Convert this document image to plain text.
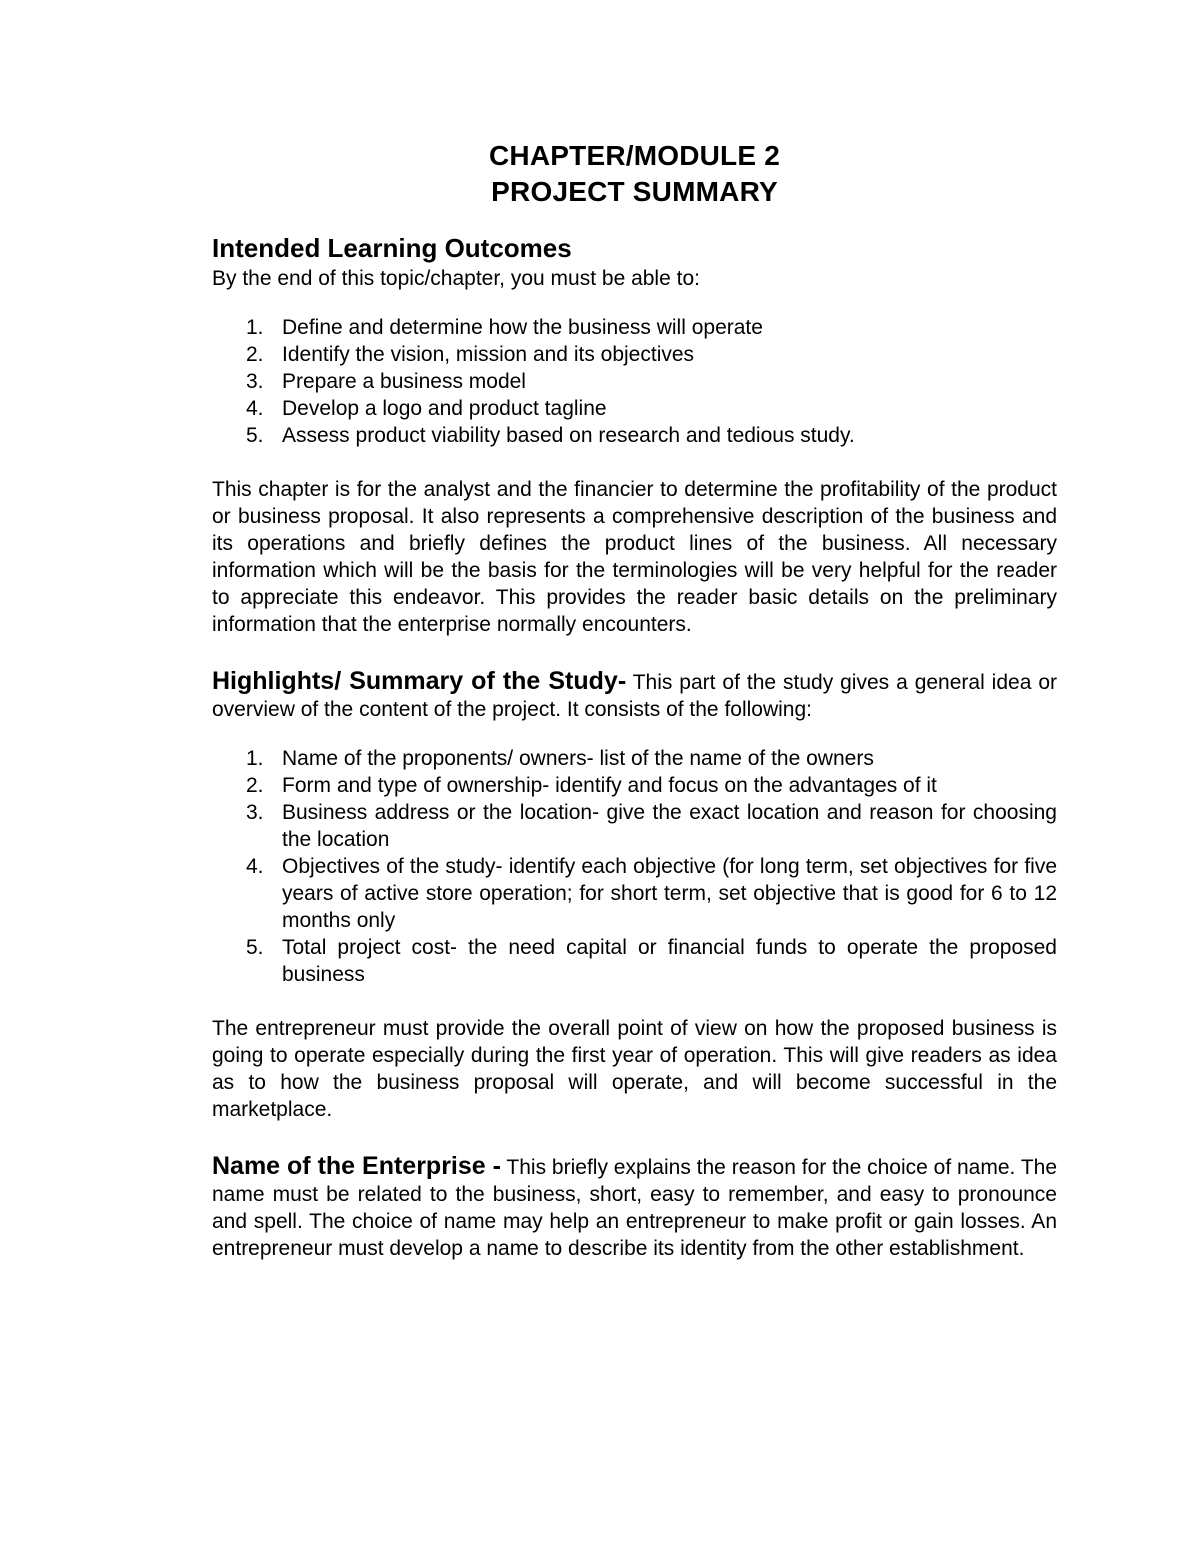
CHAPTER/MODULE 2
PROJECT SUMMARY
Intended Learning Outcomes
By the end of this topic/chapter, you must be able to:
1. Define and determine how the business will operate
2. Identify the vision, mission and its objectives
3. Prepare a business model
4. Develop a logo and product tagline
5. Assess product viability based on research and tedious study.

This chapter is for the analyst and the financier to determine the profitability of the product or business proposal. It also represents a comprehensive description of the business and its operations and briefly defines the product lines of the business. All necessary information which will be the basis for the terminologies will be very helpful for the reader to appreciate this endeavor. This provides the reader basic details on the preliminary information that the enterprise normally encounters.

Highlights/ Summary of the Study- This part of the study gives a general idea or overview of the content of the project. It consists of the following:

1. Name of the proponents/ owners- list of the name of the owners
2. Form and type of ownership- identify and focus on the advantages of it
3. Business address or the location- give the exact location and reason for choosing the location
4. Objectives of the study- identify each objective (for long term, set objectives for five years of active store operation; for short term, set objective that is good for 6 to 12 months only
5. Total project cost- the need capital or financial funds to operate the proposed business

The entrepreneur must provide the overall point of view on how the proposed business is going to operate especially during the first year of operation. This will give readers as idea as to how the business proposal will operate, and will become successful in the marketplace.

Name of the Enterprise - This briefly explains the reason for the choice of name. The name must be related to the business, short, easy to remember, and easy to pronounce and spell. The choice of name may help an entrepreneur to make profit or gain losses. An entrepreneur must develop a name to describe its identity from the other establishment.
